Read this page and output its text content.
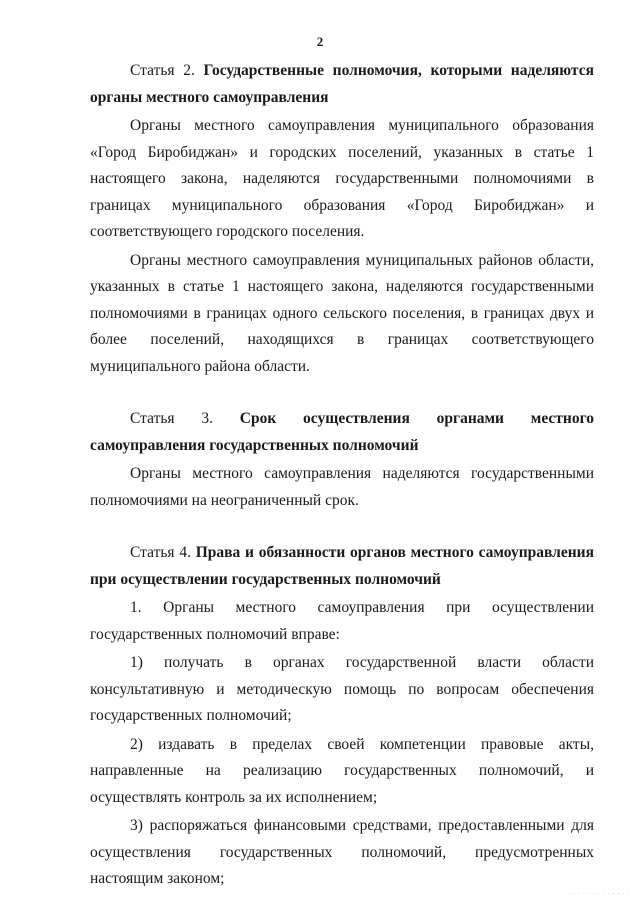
2

Статья 2. Государственные полномочия, которыми наделяются органы местного самоуправления

Органы местного самоуправления муниципального образования «Город Биробиджан» и городских поселений, указанных в статье 1 настоящего закона, наделяются государственными полномочиями в границах муниципального образования «Город Биробиджан» и соответствующего городского поселения.

Органы местного самоуправления муниципальных районов области, указанных в статье 1 настоящего закона, наделяются государственными полномочиями в границах одного сельского поселения, в границах двух и более поселений, находящихся в границах соответствующего муниципального района области.

Статья 3. Срок осуществления органами местного самоуправления государственных полномочий

Органы местного самоуправления наделяются государственными полномочиями на неограниченный срок.

Статья 4. Права и обязанности органов местного самоуправления при осуществлении государственных полномочий

1. Органы местного самоуправления при осуществлении государственных полномочий вправе:

1) получать в органах государственной власти области консультативную и методическую помощь по вопросам обеспечения государственных полномочий;

2) издавать в пределах своей компетенции правовые акты, направленные на реализацию государственных полномочий, и осуществлять контроль за их исполнением;

3) распоряжаться финансовыми средствами, предоставленными для осуществления государственных полномочий, предусмотренных настоящим законом;

· · · · · · · · · · · · ·
